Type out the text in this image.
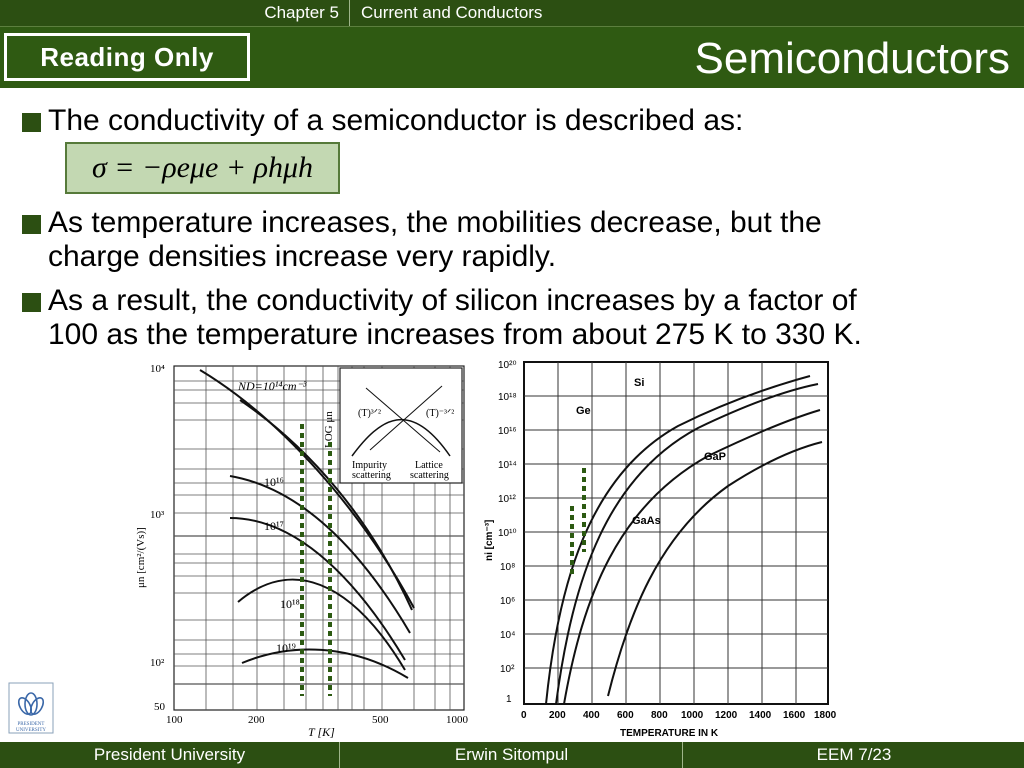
Chapter 5	Current and Conductors
Reading Only	Semiconductors
The conductivity of a semiconductor is described as:
σ = −ρeμe + ρhμh
As temperature increases, the mobilities decrease, but the
charge densities increase very rapidly.
As a result, the conductivity of silicon increases by a factor of
100 as the temperature increases from about 275 K to 330 K.
(T)³ᐟ²	(T)⁻³ᐟ²
Impurity
scattering
Lattice
scattering
LOG μn
ND=10¹⁴cm⁻³
10¹⁶
10¹⁷
10¹⁸
10¹⁹
10⁴
10³
10²
50
100	200	500	1000
T [K]
μn [cm²/(Vs)]
Ge
Si
GaP
GaAs
10²⁰
10¹⁸
10¹⁶
10¹⁴
10¹²
10¹⁰
10⁸
10⁶
10⁴
10²
1
0 200 400 600 800 1000 1200 1400 1600 1800
TEMPERATURE IN K
ni [cm⁻³]
PRESIDENT
UNIVERSITY
President University	Erwin Sitompul	EEM 7/23
